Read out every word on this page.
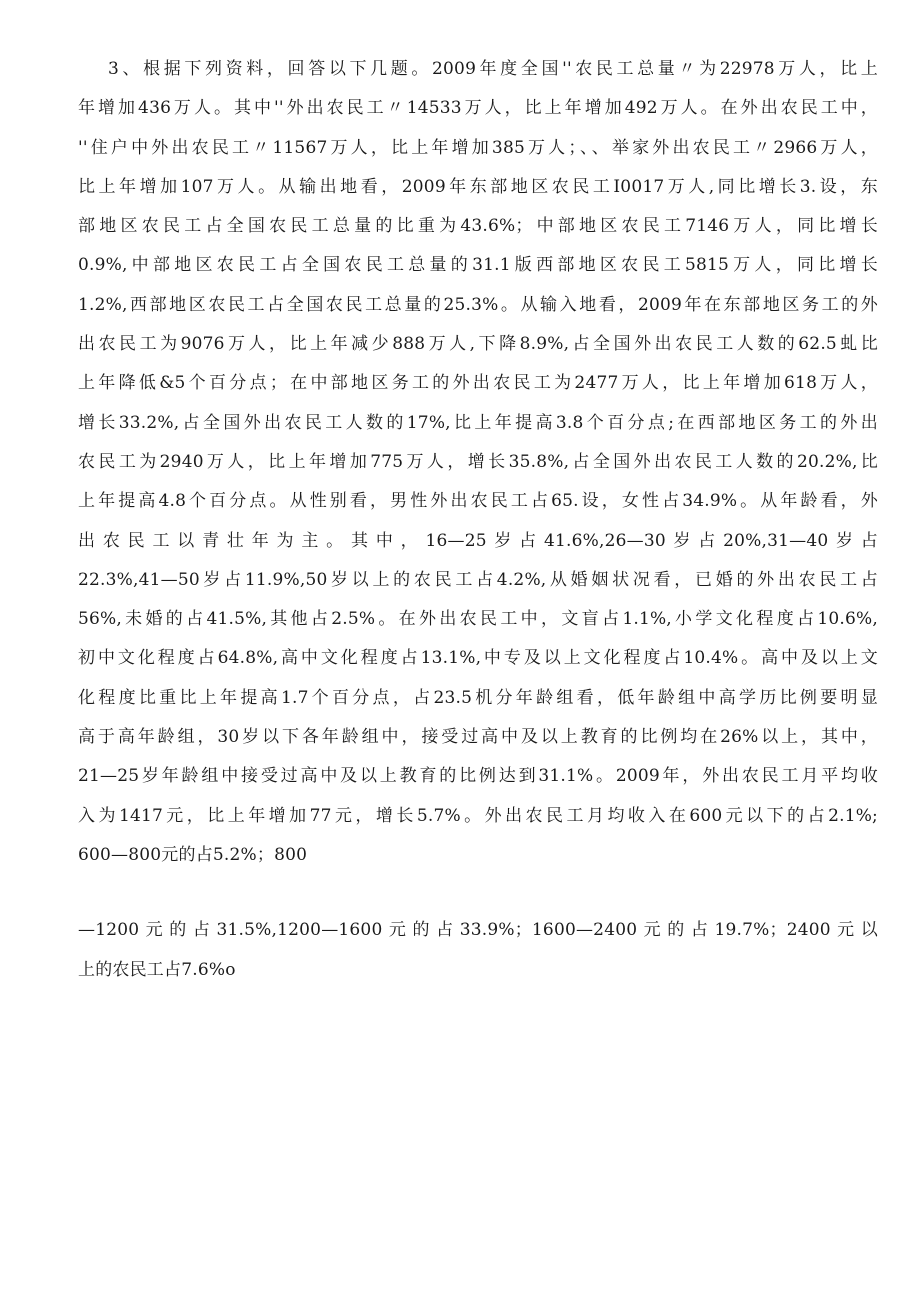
3、根据下列资料，回答以下几题。2009年度全国''农民工总量〃为22978万人，比上
年增加436万人。其中''外出农民工〃14533万人，比上年增加492万人。在外出农民工中，
''住户中外出农民工〃11567万人，比上年增加385万人；、、举家外出农民工〃2966万人，
比上年增加107万人。从输出地看，2009年东部地区农民工I0017万人,同比增长3.设，东
部地区农民工占全国农民工总量的比重为43.6%；中部地区农民工7146万人，同比增长
0.9%,中部地区农民工占全国农民工总量的31.1版西部地区农民工5815万人，同比增长
1.2%,西部地区农民工占全国农民工总量的25.3%。从输入地看，2009年在东部地区务工的外
出农民工为9076万人，比上年减少888万人,下降8.9%,占全国外出农民工人数的62.5虬比
上年降低&5个百分点；在中部地区务工的外出农民工为2477万人，比上年增加618万人，
增长33.2%,占全国外出农民工人数的17%,比上年提高3.8个百分点;在西部地区务工的外出
农民工为2940万人，比上年增加775万人，增长35.8%,占全国外出农民工人数的20.2%,比
上年提高4.8个百分点。从性别看，男性外出农民工占65.设，女性占34.9%。从年龄看，外
出农民工以青壮年为主。其中，16—25岁占41.6%,26—30岁占20%,31—40岁占
22.3%,41—50岁占11.9%,50岁以上的农民工占4.2%,从婚姻状况看，已婚的外出农民工占
56%,未婚的占41.5%,其他占2.5%。在外出农民工中，文盲占1.1%,小学文化程度占10.6%,
初中文化程度占64.8%,高中文化程度占13.1%,中专及以上文化程度占10.4%。高中及以上文
化程度比重比上年提高1.7个百分点，占23.5机分年龄组看，低年龄组中高学历比例要明显
高于高年龄组，30岁以下各年龄组中，接受过高中及以上教育的比例均在26%以上，其中，
21—25岁年龄组中接受过高中及以上教育的比例达到31.1%。2009年，外出农民工月平均收
入为1417元，比上年增加77元，增长5.7%。外出农民工月均收入在600元以下的占2.1%;
600—800元的占5.2%；800
—1200元的占31.5%,1200—1600元的占33.9%；1600—2400元的占19.7%；2400元以
上的农民工占7.6%o
